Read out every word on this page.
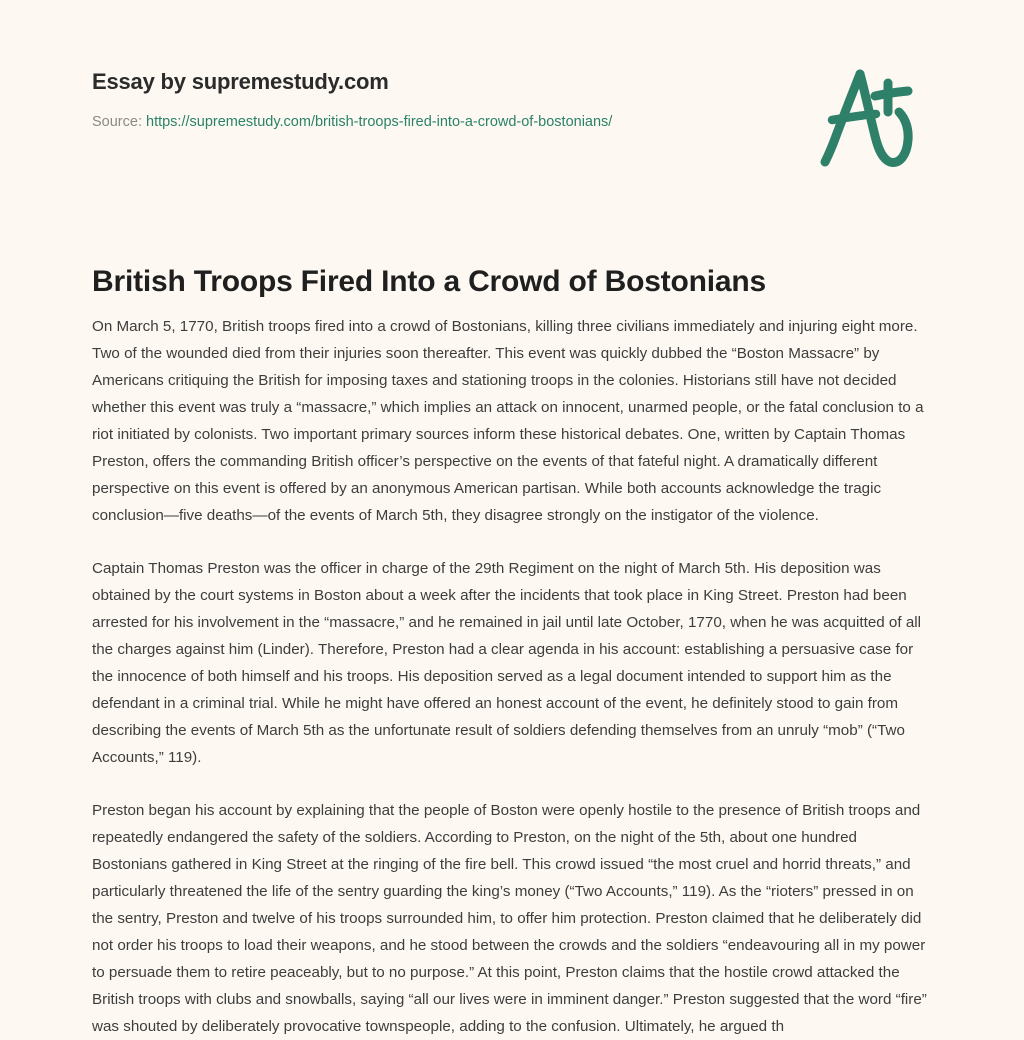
Essay by supremestudy.com
Source: https://supremestudy.com/british-troops-fired-into-a-crowd-of-bostonians/
British Troops Fired Into a Crowd of Bostonians

On March 5, 1770, British troops fired into a crowd of Bostonians, killing three civilians immediately and injuring eight more. Two of the wounded died from their injuries soon thereafter. This event was quickly dubbed the “Boston Massacre” by Americans critiquing the British for imposing taxes and stationing troops in the colonies. Historians still have not decided whether this event was truly a “massacre,” which implies an attack on innocent, unarmed people, or the fatal conclusion to a riot initiated by colonists. Two important primary sources inform these historical debates. One, written by Captain Thomas Preston, offers the commanding British officer’s perspective on the events of that fateful night. A dramatically different perspective on this event is offered by an anonymous American partisan. While both accounts acknowledge the tragic conclusion—five deaths—of the events of March 5th, they disagree strongly on the instigator of the violence.

Captain Thomas Preston was the officer in charge of the 29th Regiment on the night of March 5th. His deposition was obtained by the court systems in Boston about a week after the incidents that took place in King Street. Preston had been arrested for his involvement in the “massacre,” and he remained in jail until late October, 1770, when he was acquitted of all the charges against him (Linder). Therefore, Preston had a clear agenda in his account: establishing a persuasive case for the innocence of both himself and his troops. His deposition served as a legal document intended to support him as the defendant in a criminal trial. While he might have offered an honest account of the event, he definitely stood to gain from describing the events of March 5th as the unfortunate result of soldiers defending themselves from an unruly “mob” (“Two Accounts,” 119).

Preston began his account by explaining that the people of Boston were openly hostile to the presence of British troops and repeatedly endangered the safety of the soldiers. According to Preston, on the night of the 5th, about one hundred Bostonians gathered in King Street at the ringing of the fire bell. This crowd issued “the most cruel and horrid threats,” and particularly threatened the life of the sentry guarding the king’s money (“Two Accounts,” 119). As the “rioters” pressed in on the sentry, Preston and twelve of his troops surrounded him, to offer him protection. Preston claimed that he deliberately did not order his troops to load their weapons, and he stood between the crowds and the soldiers “endeavouring all in my power to persuade them to retire peaceably, but to no purpose.” At this point, Preston claims that the hostile crowd attacked the British troops with clubs and snowballs, saying “all our lives were in imminent danger.” Preston suggested that the word “fire” was shouted by deliberately provocative townspeople, adding to the confusion. Ultimately, he argued th
